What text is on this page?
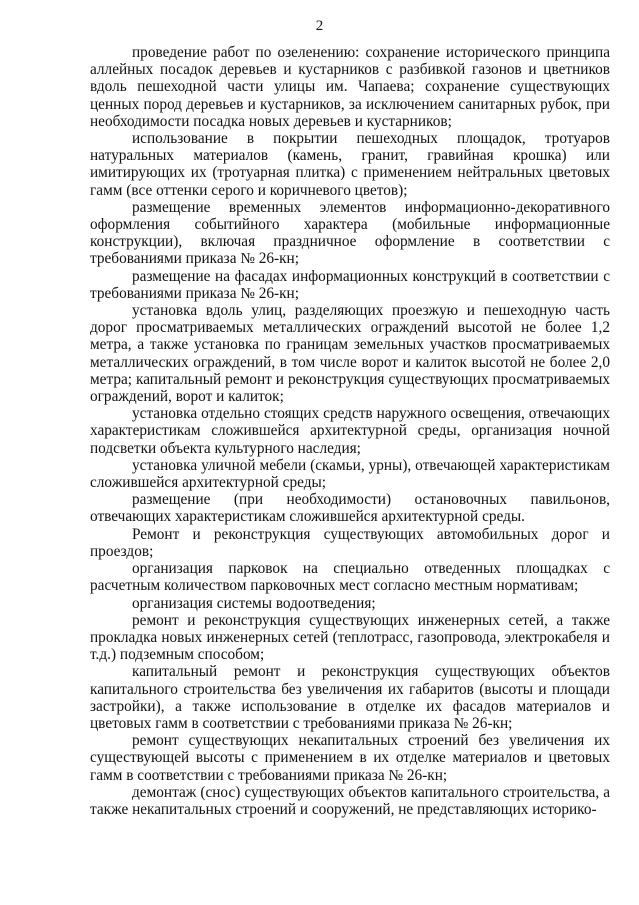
2

проведение работ по озеленению: сохранение исторического принципа аллейных посадок деревьев и кустарников с разбивкой газонов и цветников вдоль пешеходной части улицы им. Чапаева; сохранение существующих ценных пород деревьев и кустарников, за исключением санитарных рубок, при необходимости посадка новых деревьев и кустарников;

использование в покрытии пешеходных площадок, тротуаров натуральных материалов (камень, гранит, гравийная крошка) или имитирующих их (тротуарная плитка) с применением нейтральных цветовых гамм (все оттенки серого и коричневого цветов);

размещение временных элементов информационно-декоративного оформления событийного характера (мобильные информационные конструкции), включая праздничное оформление в соответствии с требованиями приказа № 26-кн;

размещение на фасадах информационных конструкций в соответствии с требованиями приказа № 26-кн;

установка вдоль улиц, разделяющих проезжую и пешеходную часть дорог просматриваемых металлических ограждений высотой не более 1,2 метра, а также установка по границам земельных участков просматриваемых металлических ограждений, в том числе ворот и калиток высотой не более 2,0 метра; капитальный ремонт и реконструкция существующих просматриваемых ограждений, ворот и калиток;

установка отдельно стоящих средств наружного освещения, отвечающих характеристикам сложившейся архитектурной среды, организация ночной подсветки объекта культурного наследия;

установка уличной мебели (скамьи, урны), отвечающей характеристикам сложившейся архитектурной среды;

размещение (при необходимости) остановочных павильонов, отвечающих характеристикам сложившейся архитектурной среды.

Ремонт и реконструкция существующих автомобильных дорог и проездов;

организация парковок на специально отведенных площадках с расчетным количеством парковочных мест согласно местным нормативам;

организация системы водоотведения;

ремонт и реконструкция существующих инженерных сетей, а также прокладка новых инженерных сетей (теплотрасс, газопровода, электрокабеля и т.д.) подземным способом;

капитальный ремонт и реконструкция существующих объектов капитального строительства без увеличения их габаритов (высоты и площади застройки), а также использование в отделке их фасадов материалов и цветовых гамм в соответствии с требованиями приказа № 26-кн;

ремонт существующих некапитальных строений без увеличения их существующей высоты с применением в их отделке материалов и цветовых гамм в соответствии с требованиями приказа № 26-кн;

демонтаж (снос) существующих объектов капитального строительства, а также некапитальных строений и сооружений, не представляющих историко-
